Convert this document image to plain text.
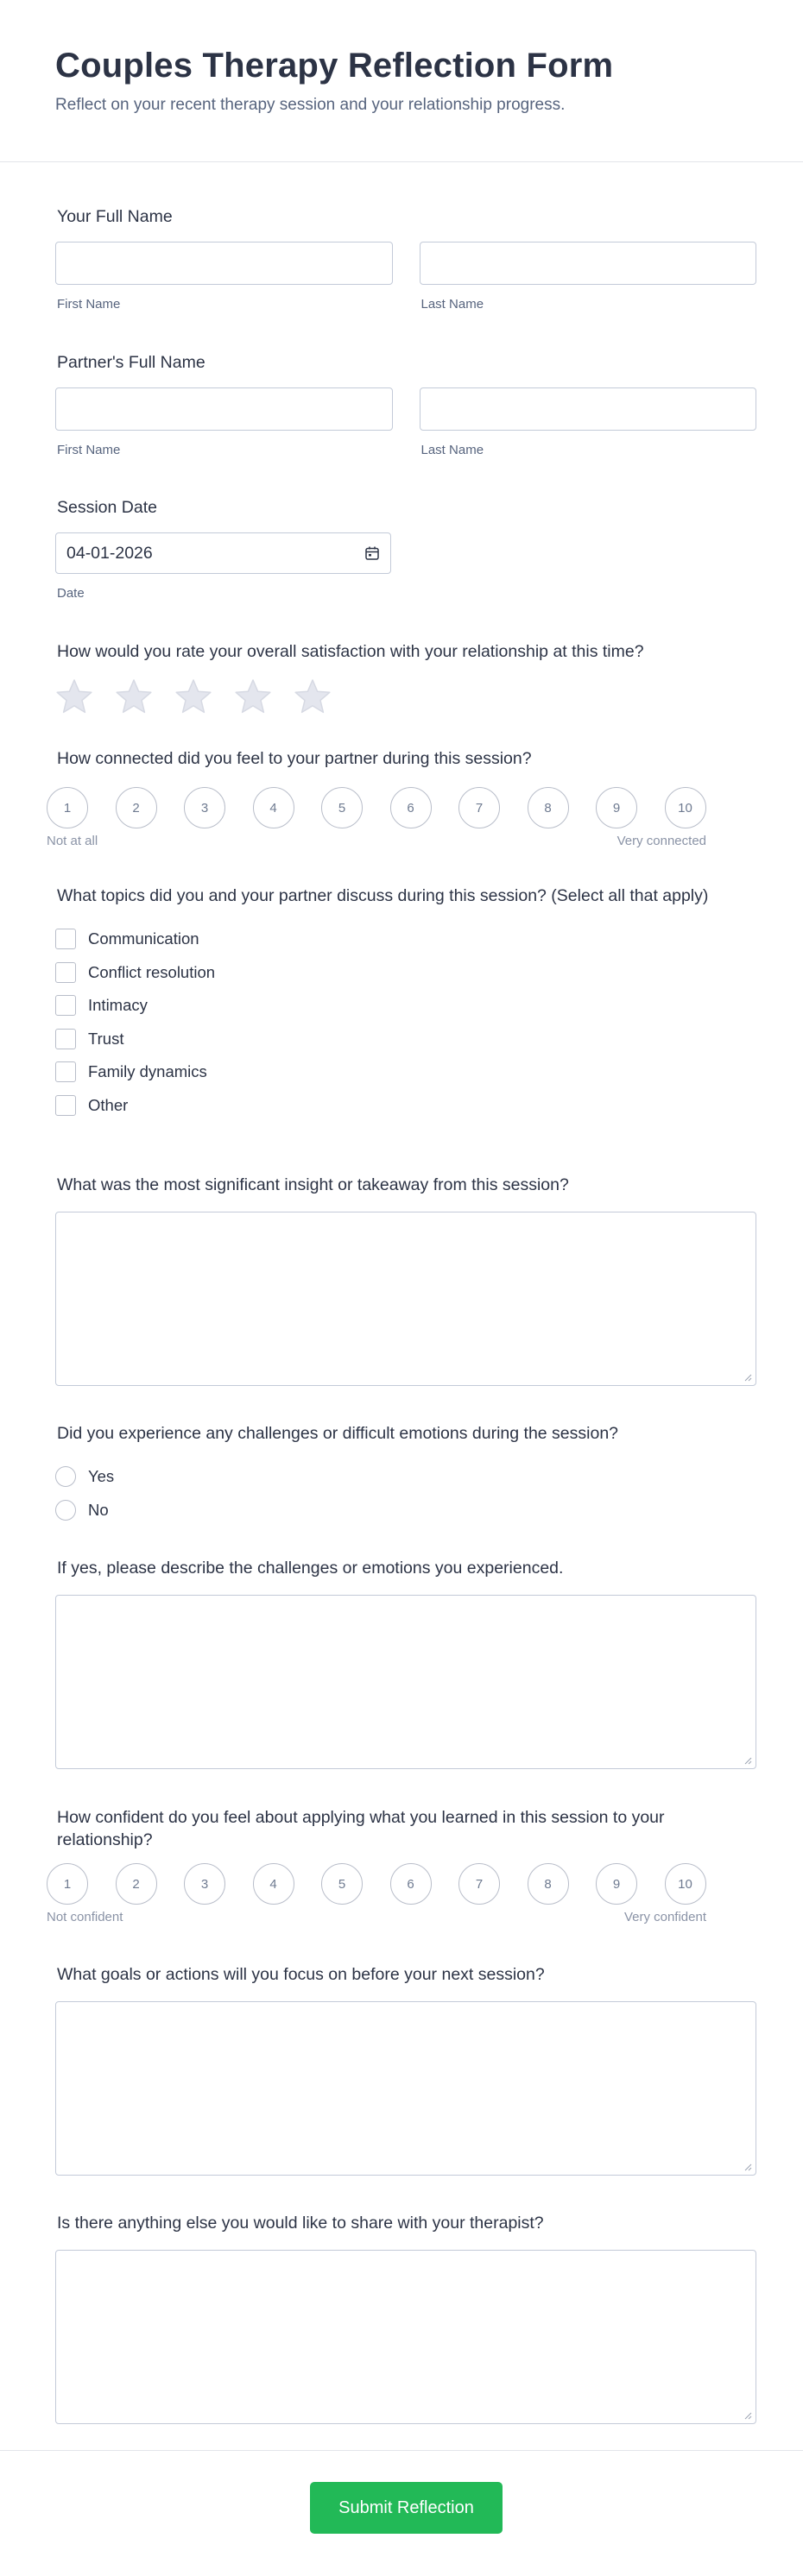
Couples Therapy Reflection Form

Reflect on your recent therapy session and your relationship progress.

Your Full Name
First Name	Last Name
Partner's Full Name
First Name	Last Name
Session Date
04-01-2026
Date
How would you rate your overall satisfaction with your relationship at this time?
How connected did you feel to your partner during this session?
1	2	3	4	5	6	7	8	9	10
Not at all	Very connected
What topics did you and your partner discuss during this session? (Select all that apply)
Communication
Conflict resolution
Intimacy
Trust
Family dynamics
Other
What was the most significant insight or takeaway from this session?
Did you experience any challenges or difficult emotions during the session?
Yes
No
If yes, please describe the challenges or emotions you experienced.
How confident do you feel about applying what you learned in this session to your relationship?
1	2	3	4	5	6	7	8	9	10
Not confident	Very confident
What goals or actions will you focus on before your next session?
Is there anything else you would like to share with your therapist?
Submit Reflection
